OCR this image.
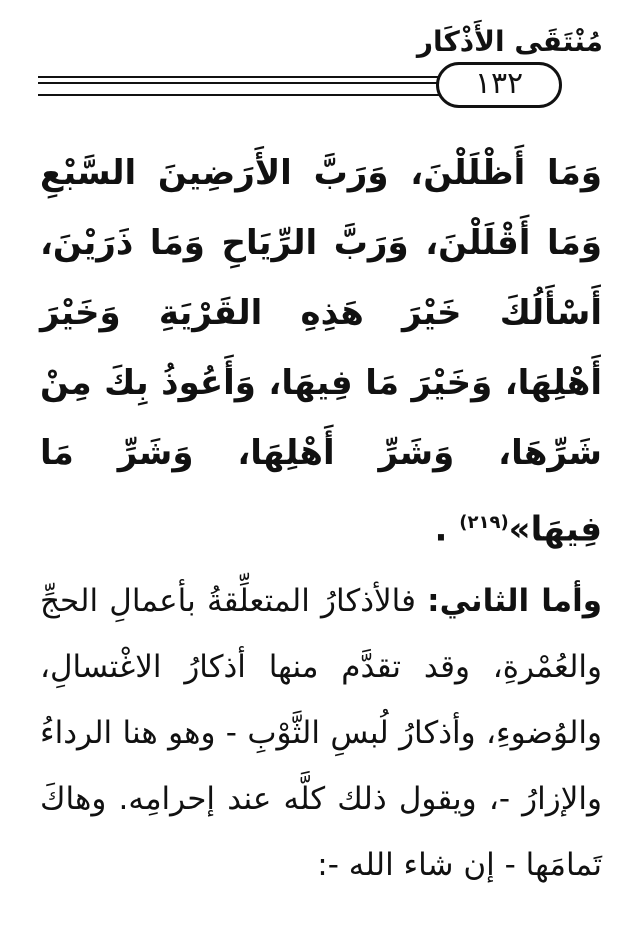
مُنْتَقَى الأَذْكَار
١٣٢

وَمَا أَظْلَلْنَ، وَرَبَّ الأَرَضِينَ السَّبْعِ وَمَا أَقْلَلْنَ، وَرَبَّ الرِّيَاحِ وَمَا ذَرَيْنَ، أَسْأَلُكَ خَيْرَ هَذِهِ القَرْيَةِ وَخَيْرَ أَهْلِهَا، وَخَيْرَ مَا فِيهَا، وَأَعُوذُ بِكَ مِنْ شَرِّهَا، وَشَرِّ أَهْلِهَا، وَشَرِّ مَا فِيهَا»$^{(٢١٩)}$ .

وأما الثاني: فالأذكارُ المتعلِّقةُ بأعمالِ الحجِّ والعُمْرةِ، وقد تقدَّم منها أذكارُ الاغْتسالِ، والوُضوءِ، وأذكارُ لُبسِ الثَّوْبِ - وهو هنا الرداءُ والإزارُ -، ويقول ذلك كلَّه عند إحرامِه. وهاكَ تَمامَها - إن شاء الله -:
